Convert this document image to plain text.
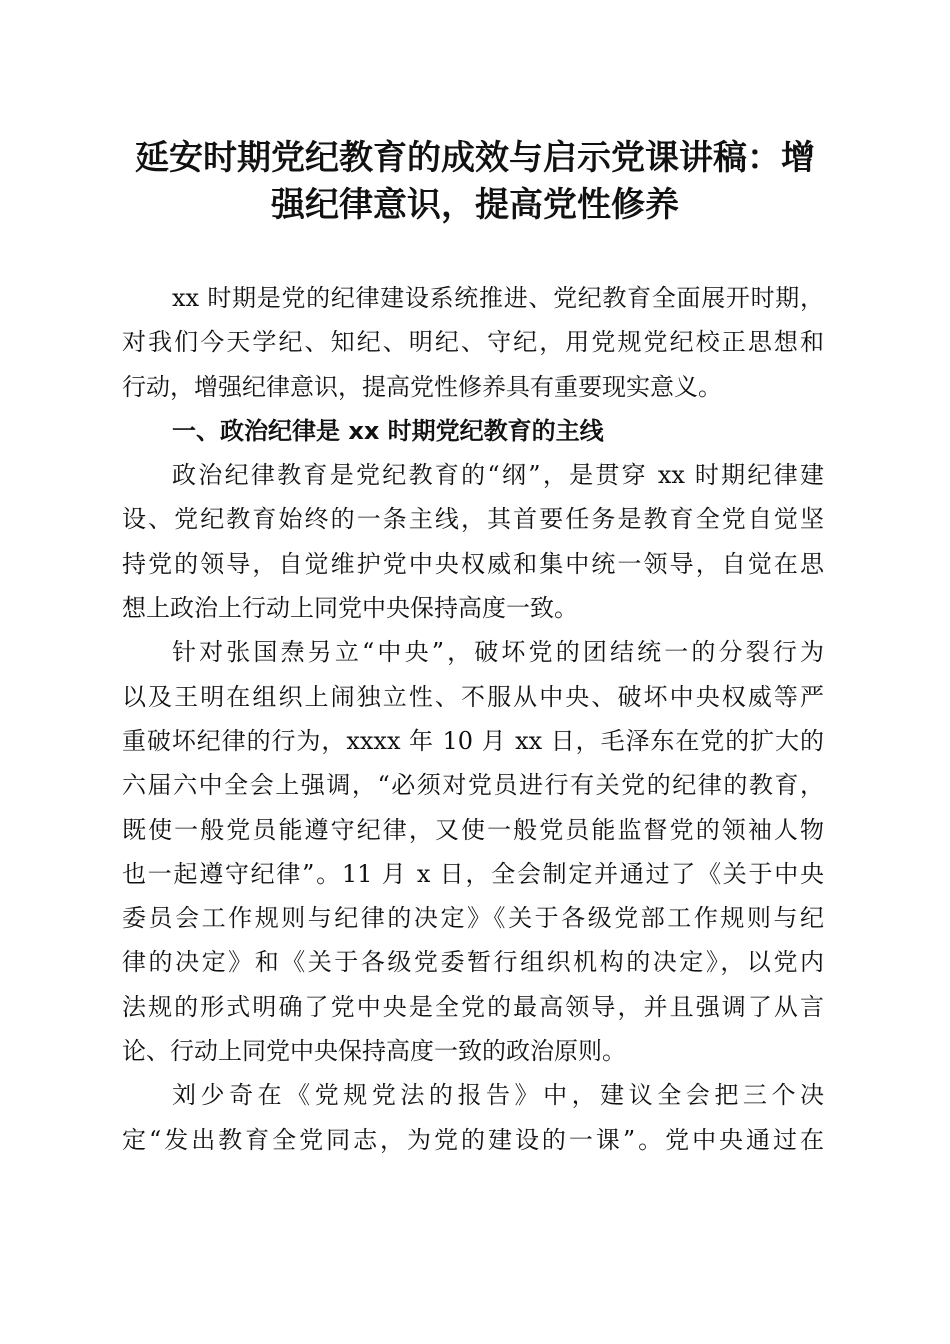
延安时期党纪教育的成效与启示党课讲稿：增
强纪律意识，提高党性修养
xx 时期是党的纪律建设系统推进、党纪教育全面展开时期，
对我们今天学纪、知纪、明纪、守纪，用党规党纪校正思想和
行动，增强纪律意识，提高党性修养具有重要现实意义。
一、政治纪律是 xx 时期党纪教育的主线
政治纪律教育是党纪教育的“纲”，是贯穿 xx 时期纪律建
设、党纪教育始终的一条主线，其首要任务是教育全党自觉坚
持党的领导，自觉维护党中央权威和集中统一领导，自觉在思
想上政治上行动上同党中央保持高度一致。
针对张国焘另立“中央”，破坏党的团结统一的分裂行为
以及王明在组织上闹独立性、不服从中央、破坏中央权威等严
重破坏纪律的行为，xxxx 年 10 月 xx 日，毛泽东在党的扩大的
六届六中全会上强调，“必须对党员进行有关党的纪律的教育，
既使一般党员能遵守纪律，又使一般党员能监督党的领袖人物
也一起遵守纪律”。11 月 x 日，全会制定并通过了《关于中央
委员会工作规则与纪律的决定》《关于各级党部工作规则与纪
律的决定》和《关于各级党委暂行组织机构的决定》，以党内
法规的形式明确了党中央是全党的最高领导，并且强调了从言
论、行动上同党中央保持高度一致的政治原则。
刘少奇在《党规党法的报告》中，建议全会把三个决
定“发出教育全党同志，为党的建设的一课”。党中央通过在
